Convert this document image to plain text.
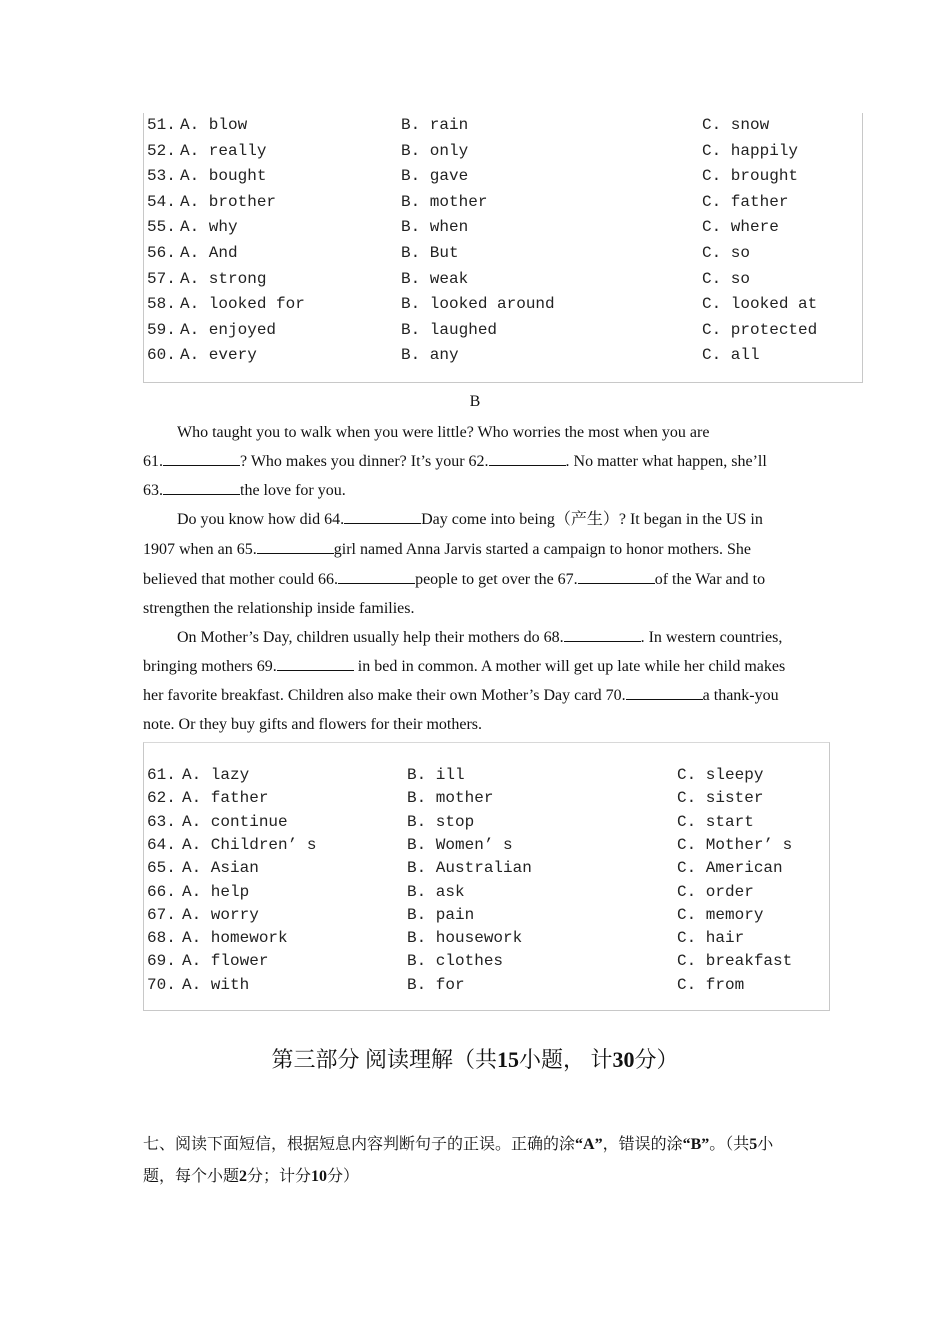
51. A. blow	B. rain	C. snow
52. A. really	B. only	C. happily
53. A. bought	B. gave	C. brought
54. A. brother	B. mother	C. father
55. A. why	B. when	C. where
56. A. And	B. But	C. so
57. A. strong	B. weak	C. so
58. A. looked for	B. looked around	C. looked at
59. A. enjoyed	B. laughed	C. protected
60. A. every	B. any	C. all
B
Who taught you to walk when you were little? Who worries the most when you are
61.	? Who makes you dinner? It’s your 62.	. No matter what happen, she’ll
63.	the love for you.
Do you know how did 64.	Day come into being（产生）? It began in the US in
1907 when an 65.	girl named Anna Jarvis started a campaign to honor mothers. She
believed that mother could 66.	people to get over the 67.	of the War and to
strengthen the relationship inside families.
On Mother’s Day, children usually help their mothers do 68.	. In western countries,
bringing mothers 69.	in bed in common. A mother will get up late while her child makes
her favorite breakfast. Children also make their own Mother’s Day card 70.	a thank-you
note. Or they buy gifts and flowers for their mothers.
61. A. lazy	B. ill	C. sleepy
62. A. father	B. mother	C. sister
63. A. continue	B. stop	C. start
64. A. Children’ s	B. Women’ s	C. Mother’ s
65. A. Asian	B. Australian	C. American
66. A. help	B. ask	C. order
67. A. worry	B. pain	C. memory
68. A. homework	B. housework	C. hair
69. A. flower	B. clothes	C. breakfast
70. A. with	B. for	C. from
第三部分 阅读理解（共15小题， 计30分）
七、阅读下面短信，根据短息内容判断句子的正误。正确的涂“A”，错误的涂“B”。（共5小
题，每个小题2分；计分10分）
